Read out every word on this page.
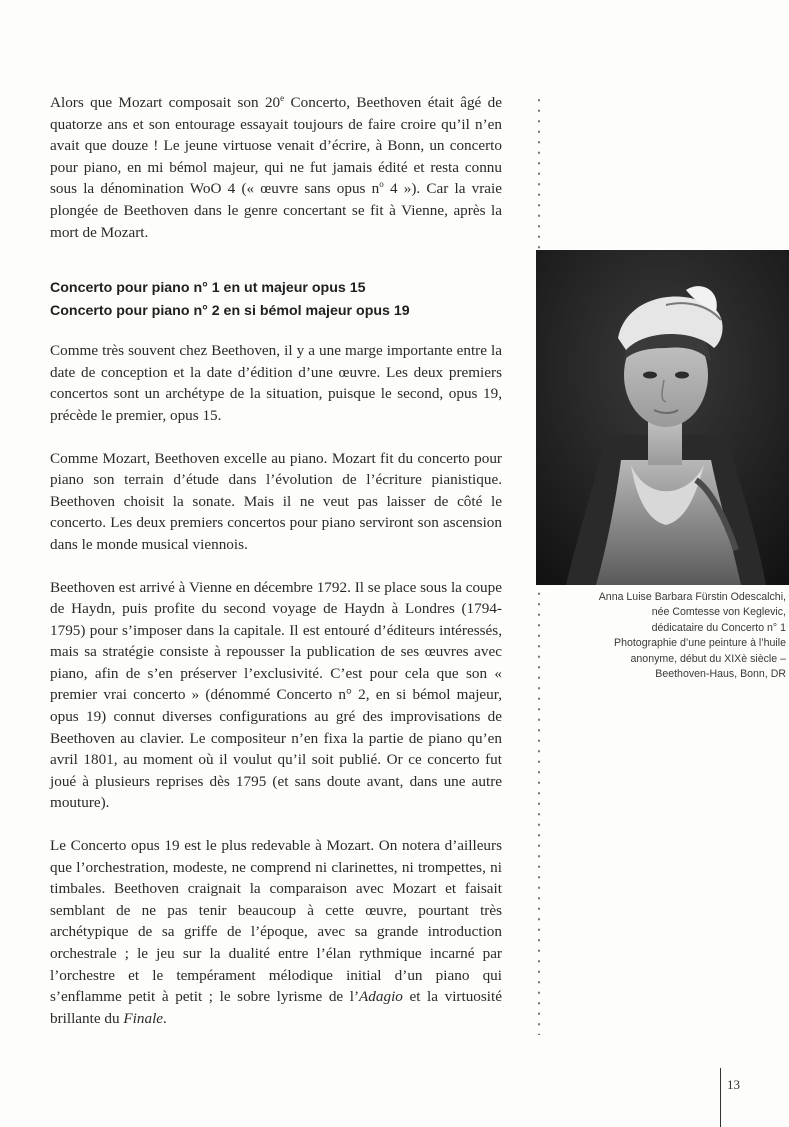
Alors que Mozart composait son 20e Concerto, Beethoven était âgé de quatorze ans et son entourage essayait toujours de faire croire qu’il n’en avait que douze ! Le jeune virtuose venait d’écrire, à Bonn, un concerto pour piano, en mi bémol majeur, qui ne fut jamais édité et resta connu sous la dénomination WoO 4 (« œuvre sans opus $n^o$ 4 »). Car la vraie plongée de Beethoven dans le genre concertant se fit à Vienne, après la mort de Mozart.

Concerto pour piano n° 1 en ut majeur opus 15
Concerto pour piano n° 2 en si bémol majeur opus 19

Comme très souvent chez Beethoven, il y a une marge importante entre la date de conception et la date d’édition d’une œuvre. Les deux premiers concertos sont un archétype de la situation, puisque le second, opus 19, précède le premier, opus 15.

Comme Mozart, Beethoven excelle au piano. Mozart fit du concerto pour piano son terrain d’étude dans l’évolution de l’écriture pianistique. Beethoven choisit la sonate. Mais il ne veut pas laisser de côté le concerto. Les deux premiers concertos pour piano serviront son ascension dans le monde musical viennois.

Beethoven est arrivé à Vienne en décembre 1792. Il se place sous la coupe de Haydn, puis profite du second voyage de Haydn à Londres (1794-1795) pour s’imposer dans la capitale. Il est entouré d’éditeurs intéressés, mais sa stratégie consiste à repousser la publication de ses œuvres avec piano, afin de s’en préserver l’exclusivité. C’est pour cela que son « premier vrai concerto » (dénommé Concerto n° 2, en si bémol majeur, opus 19) connut diverses configurations au gré des improvisations de Beethoven au clavier. Le compositeur n’en fixa la partie de piano qu’en avril 1801, au moment où il voulut qu’il soit publié. Or ce concerto fut joué à plusieurs reprises dès 1795 (et sans doute avant, dans une autre mouture).

Le Concerto opus 19 est le plus redevable à Mozart. On notera d’ailleurs que l’orchestration, modeste, ne comprend ni clarinettes, ni trompettes, ni timbales. Beethoven craignait la comparaison avec Mozart et faisait semblant de ne pas tenir beaucoup à cette œuvre, pourtant très archétypique de sa griffe de l’époque, avec sa grande introduction orchestrale ; le jeu sur la dualité entre l’élan rythmique incarné par l’orchestre et le tempérament mélodique initial d’un piano qui s’enflamme petit à petit ; le sobre lyrisme de l’Adagio et la virtuosité brillante du Finale.

Anna Luise Barbara Fürstin Odescalchi,
née Comtesse von Keglevic,
dédicataire du Concerto n° 1
Photographie d’une peinture à l’huile
anonyme, début du XIXè siècle –
Beethoven-Haus, Bonn, DR
13
